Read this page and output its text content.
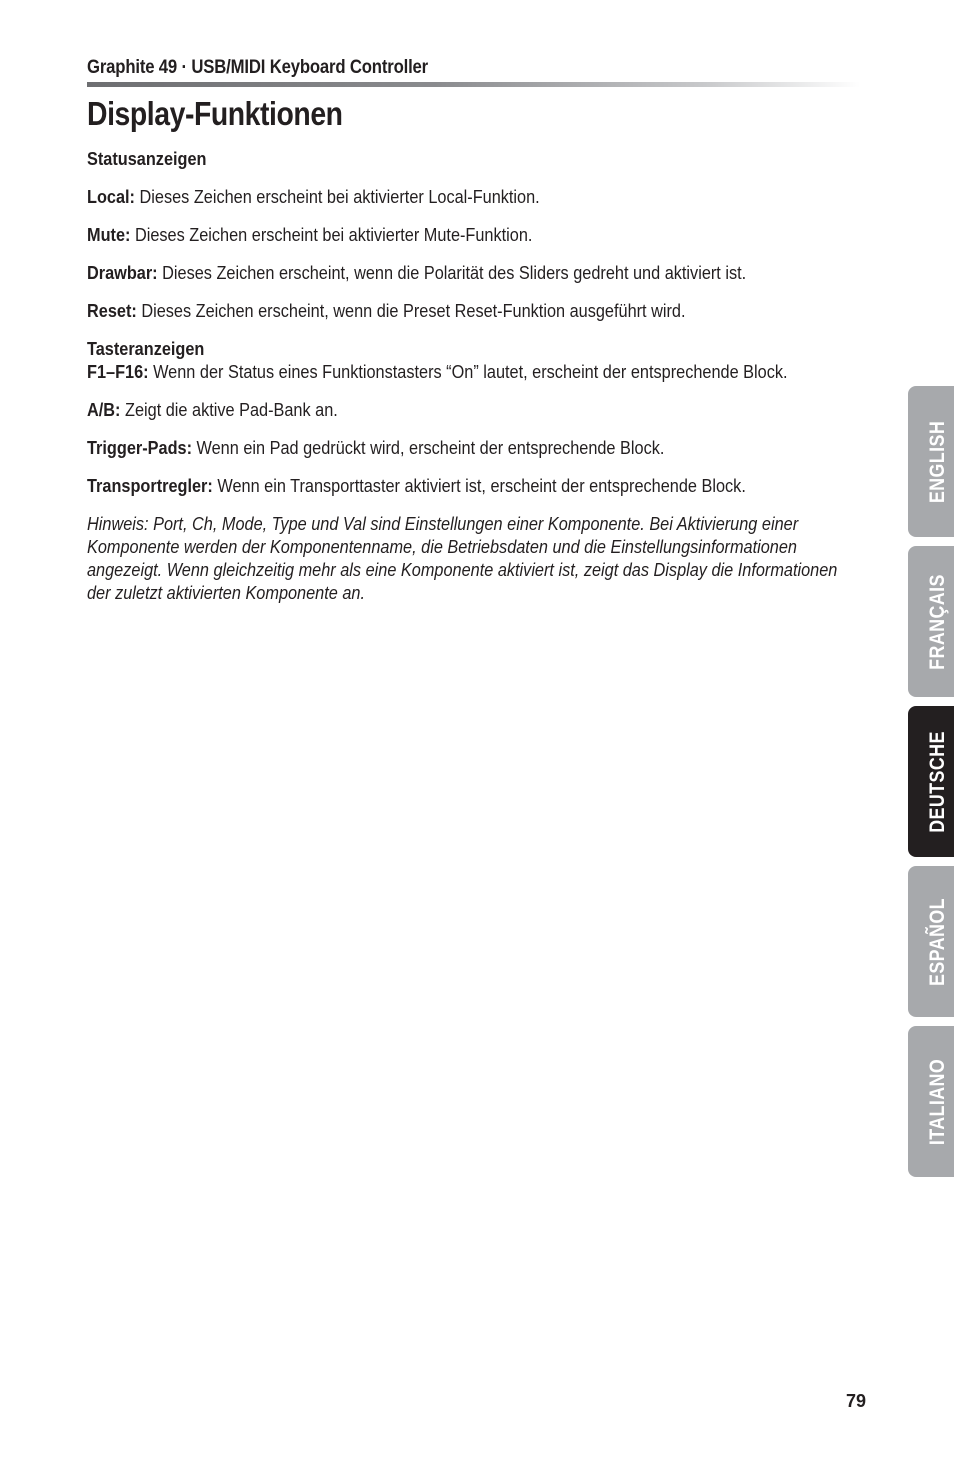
Graphite 49 · USB/MIDI Keyboard Controller
Display-Funktionen

Statusanzeigen

Local: Dieses Zeichen erscheint bei aktivierter Local-Funktion.

Mute: Dieses Zeichen erscheint bei aktivierter Mute-Funktion.

Drawbar: Dieses Zeichen erscheint, wenn die Polarität des Sliders gedreht und aktiviert ist.

Reset: Dieses Zeichen erscheint, wenn die Preset Reset-Funktion ausgeführt wird.

Tasteranzeigen

F1–F16: Wenn der Status eines Funktionstasters “On” lautet, erscheint der entsprechende Block.

A/B: Zeigt die aktive Pad-Bank an.

Trigger-Pads: Wenn ein Pad gedrückt wird, erscheint der entsprechende Block.

Transportregler: Wenn ein Transporttaster aktiviert ist, erscheint der entsprechende Block.

Hinweis: Port, Ch, Mode, Type und Val sind Einstellungen einer Komponente. Bei Aktivierung einer Komponente werden der Komponentenname, die Betriebsdaten und die Einstellungsinformationen angezeigt. Wenn gleichzeitig mehr als eine Komponente aktiviert ist, zeigt das Display die Informationen der zuletzt aktivierten Komponente an.

ENGLISH
FRANÇAIS
DEUTSCHE
ESPAÑOL
ITALIANO
79
